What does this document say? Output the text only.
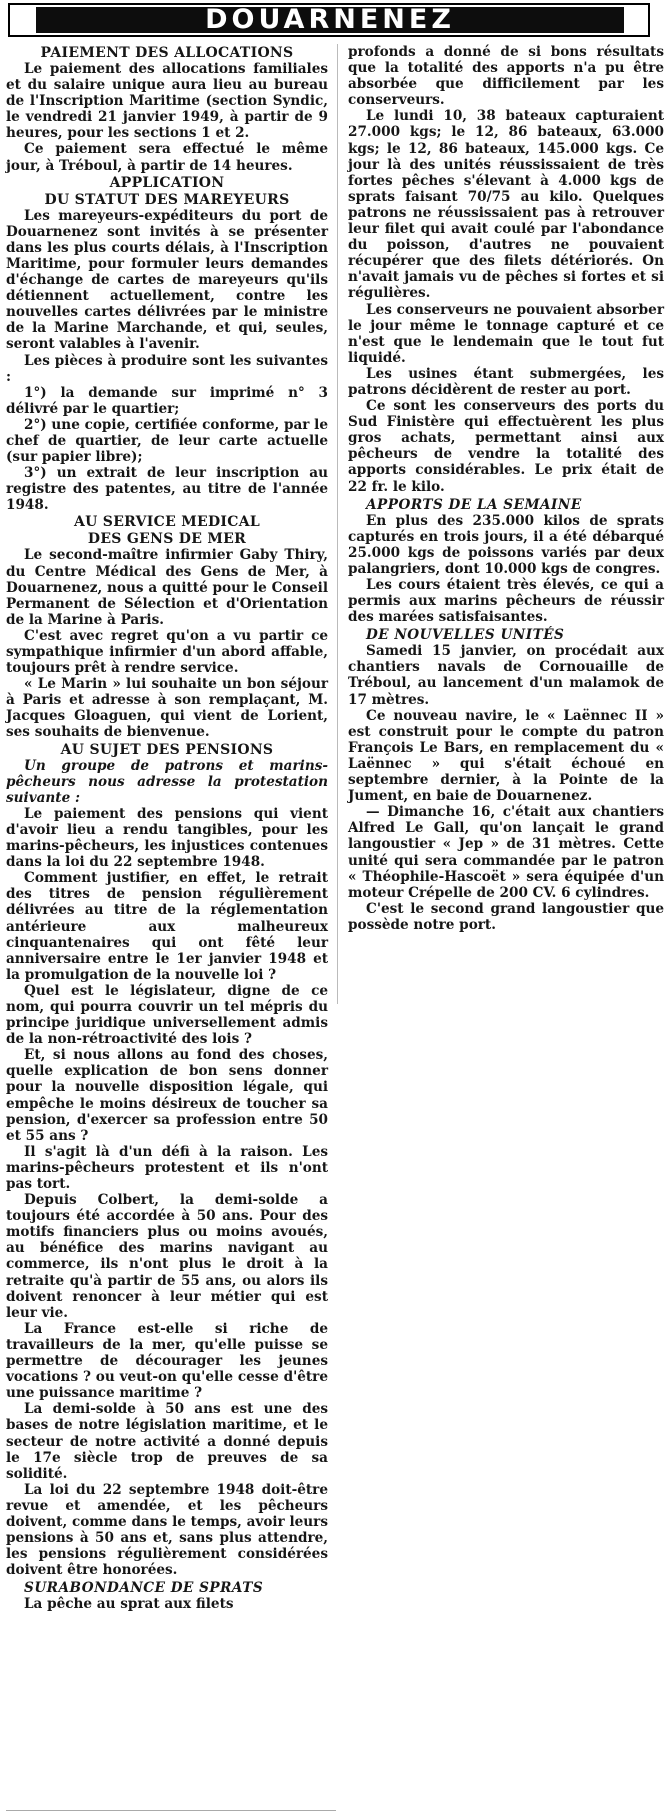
DOUARNENEZ
PAIEMENT DES ALLOCATIONS

Le paiement des allocations familiales et du salaire unique aura lieu au bureau de l'Inscription Maritime (section Syndic, le vendredi 21 janvier 1949, à partir de 9 heures, pour les sections 1 et 2.

Ce paiement sera effectué le même jour, à Tréboul, à partir de 14 heures.

APPLICATION
DU STATUT DES MAREYEURS

Les mareyeurs-expéditeurs du port de Douarnenez sont invités à se présenter dans les plus courts délais, à l'Inscription Maritime, pour formuler leurs demandes d'échange de cartes de mareyeurs qu'ils détiennent actuellement, contre les nouvelles cartes délivrées par le ministre de la Marine Marchande, et qui, seules, seront valables à l'avenir.

Les pièces à produire sont les suivantes :

1°) la demande sur imprimé n° 3 délivré par le quartier;

2°) une copie, certifiée conforme, par le chef de quartier, de leur carte actuelle (sur papier libre);

3°) un extrait de leur inscription au registre des patentes, au titre de l'année 1948.

AU SERVICE MEDICAL
DES GENS DE MER

Le second-maître infirmier Gaby Thiry, du Centre Médical des Gens de Mer, à Douarnenez, nous a quitté pour le Conseil Permanent de Sélection et d'Orientation de la Marine à Paris.

C'est avec regret qu'on a vu partir ce sympathique infirmier d'un abord affable, toujours prêt à rendre service.

« Le Marin » lui souhaite un bon séjour à Paris et adresse à son remplaçant, M. Jacques Gloaguen, qui vient de Lorient, ses souhaits de bienvenue.

AU SUJET DES PENSIONS

Un groupe de patrons et marins-pêcheurs nous adresse la protestation suivante :

Le paiement des pensions qui vient d'avoir lieu a rendu tangibles, pour les marins-pêcheurs, les injustices contenues dans la loi du 22 septembre 1948.

Comment justifier, en effet, le retrait des titres de pension régulièrement délivrées au titre de la réglementation antérieure aux malheureux cinquantenaires qui ont fêté leur anniversaire entre le 1er janvier 1948 et la promulgation de la nouvelle loi ?

Quel est le législateur, digne de ce nom, qui pourra couvrir un tel mépris du principe juridique universellement admis de la non-rétroactivité des lois ?

Et, si nous allons au fond des choses, quelle explication de bon sens donner pour la nouvelle disposition légale, qui empêche le moins désireux de toucher sa pension, d'exercer sa profession entre 50 et 55 ans ?

Il s'agit là d'un défi à la raison. Les marins-pêcheurs protestent et ils n'ont pas tort.

Depuis Colbert, la demi-solde a toujours été accordée à 50 ans. Pour des motifs financiers plus ou moins avoués, au bénéfice des marins navigant au commerce, ils n'ont plus le droit à la retraite qu'à partir de 55 ans, ou alors ils doivent renoncer à leur métier qui est leur vie.

La France est-elle si riche de travailleurs de la mer, qu'elle puisse se permettre de décourager les jeunes vocations ? ou veut-on qu'elle cesse d'être une puissance maritime ?

La demi-solde à 50 ans est une des bases de notre législation maritime, et le secteur de notre activité a donné depuis le 17e siècle trop de preuves de sa solidité.

La loi du 22 septembre 1948 doit-être revue et amendée, et les pêcheurs doivent, comme dans le temps, avoir leurs pensions à 50 ans et, sans plus attendre, les pensions régulièrement considérées doivent être honorées.

SURABONDANCE DE SPRATS

La pêche au sprat aux filets

profonds a donné de si bons résultats que la totalité des apports n'a pu être absorbée que difficilement par les conserveurs.

Le lundi 10, 38 bateaux capturaient 27.000 kgs; le 12, 86 bateaux, 63.000 kgs; le 12, 86 bateaux, 145.000 kgs. Ce jour là des unités réussissaient de très fortes pêches s'élevant à 4.000 kgs de sprats faisant 70/75 au kilo. Quelques patrons ne réussissaient pas à retrouver leur filet qui avait coulé par l'abondance du poisson, d'autres ne pouvaient récupérer que des filets détériorés. On n'avait jamais vu de pêches si fortes et si régulières.

Les conserveurs ne pouvaient absorber le jour même le tonnage capturé et ce n'est que le lendemain que le tout fut liquidé.

Les usines étant submergées, les patrons décidèrent de rester au port.

Ce sont les conserveurs des ports du Sud Finistère qui effectuèrent les plus gros achats, permettant ainsi aux pêcheurs de vendre la totalité des apports considérables. Le prix était de 22 fr. le kilo.

APPORTS DE LA SEMAINE

En plus des 235.000 kilos de sprats capturés en trois jours, il a été débarqué 25.000 kgs de poissons variés par deux palangriers, dont 10.000 kgs de congres.

Les cours étaient très élevés, ce qui a permis aux marins pêcheurs de réussir des marées satisfaisantes.

DE NOUVELLES UNITÉS

Samedi 15 janvier, on procédait aux chantiers navals de Cornouaille de Tréboul, au lancement d'un malamok de 17 mètres.

Ce nouveau navire, le « Laënnec II » est construit pour le compte du patron François Le Bars, en remplacement du « Laënnec » qui s'était échoué en septembre dernier, à la Pointe de la Jument, en baie de Douarnenez.

— Dimanche 16, c'était aux chantiers Alfred Le Gall, qu'on lançait le grand langoustier « Jep » de 31 mètres. Cette unité qui sera commandée par le patron « Théophile-Hascoët » sera équipée d'un moteur Crépelle de 200 CV. 6 cylindres.

C'est le second grand langoustier que possède notre port.
